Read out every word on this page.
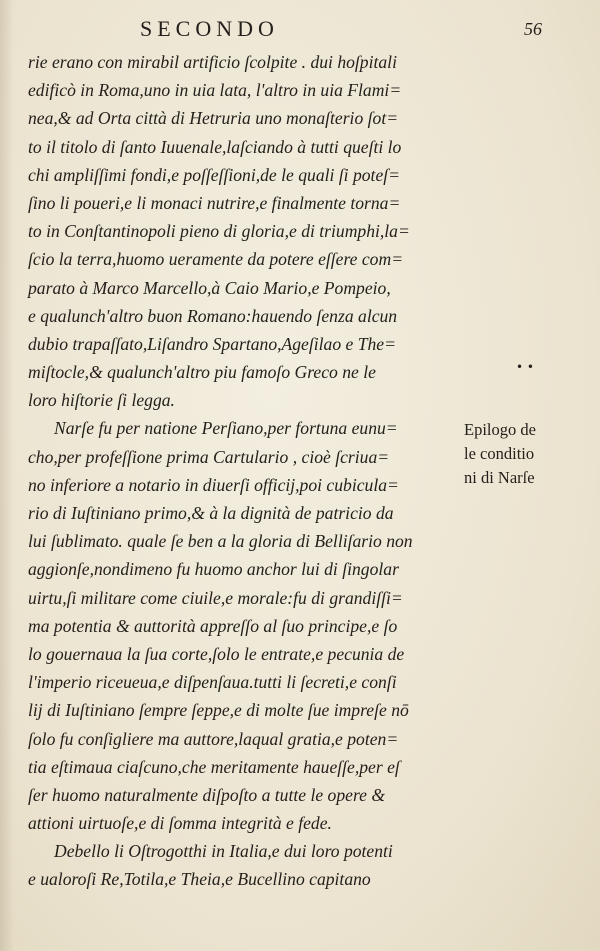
SECONDO	56
rie erano con mirabil artificio ſcolpite . dui hoſpitali
edificò in Roma,uno in uia lata, l'altro in uia Flami=
nea,& ad Orta città di Hetruria uno monaſterio ſot=
to il titolo di ſanto Iuuenale,laſciando à tutti queſti lo
chi ampliſſimi fondi,e poſſeſſioni,de le quali ſi poteſ=
ſino li poueri,e li monaci nutrire,e finalmente torna=
to in Conſtantinopoli pieno di gloria,e di triumphi,la=
ſcio la terra,huomo ueramente da potere eſſere com=
parato à Marco Marcello,à Caio Mario,e Pompeio,
e qualunch'altro buon Romano:hauendo ſenza alcun
dubio trapaſſato,Liſandro Spartano,Ageſilao e The=
miſtocle,& qualunch'altro piu famoſo Greco ne le
loro hiſtorie ſi legga.
Narſe fu per natione Perſiano,per fortuna eunu=
cho,per profeſſione prima Cartulario , cioè ſcriua=
no inferiore a notario in diuerſi officij,poi cubicula=
rio di Iuſtiniano primo,& à la dignità de patricio da
lui ſublimato. quale ſe ben a la gloria di Belliſario non
aggionſe,nondimeno fu huomo anchor lui di ſingolar
uirtu,ſi militare come ciuile,e morale:fu di grandiſſi=
ma potentia & auttorità appreſſo al ſuo principe,e ſo
lo gouernaua la ſua corte,ſolo le entrate,e pecunia de
l'imperio riceueua,e diſpenſaua.tutti li ſecreti,e conſi
lij di Iuſtiniano ſempre ſeppe,e di molte ſue impreſe nō
ſolo fu conſigliere ma auttore,laqual gratia,e poten=
tia eſtimaua ciaſcuno,che meritamente haueſſe,per eſ
ſer huomo naturalmente diſpoſto a tutte le opere &
attioni uirtuoſe,e di ſomma integrità e fede.
Debello li Oſtrogotthi in Italia,e dui loro potenti
e ualoroſi Re,Totila,e Theia,e Bucellino capitano
• •
Epilogo de
le conditio
ni di Narſe
